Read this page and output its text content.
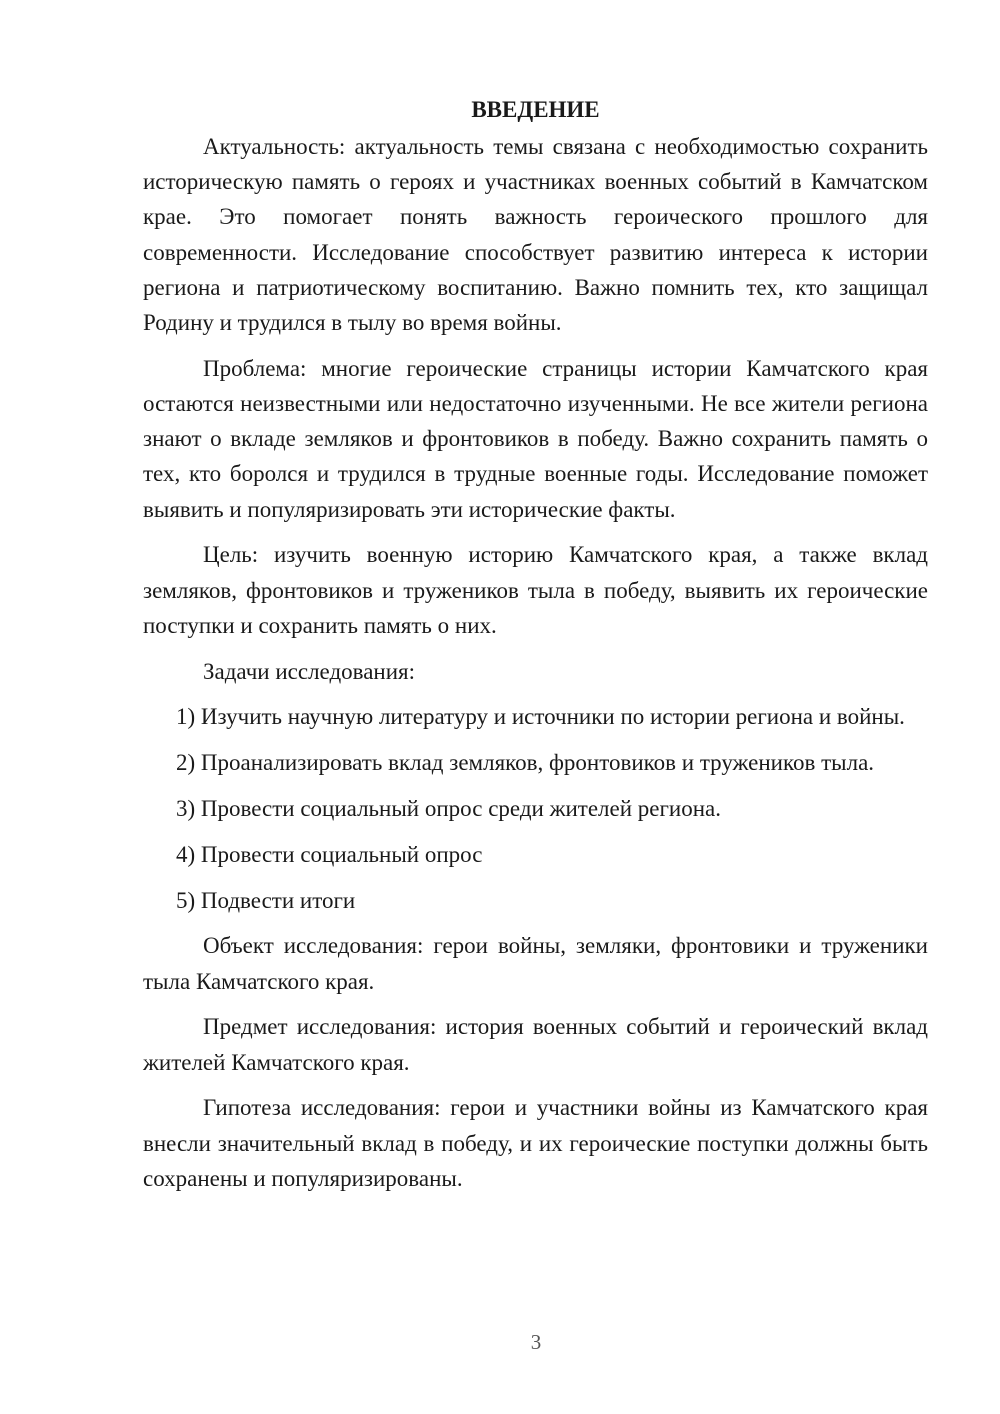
ВВЕДЕНИЕ

Актуальность: актуальность темы связана с необходимостью сохранить историческую память о героях и участниках военных событий в Камчатском крае. Это помогает понять важность героического прошлого для современности. Исследование способствует развитию интереса к истории региона и патриотическому воспитанию. Важно помнить тех, кто защищал Родину и трудился в тылу во время войны.

Проблема: многие героические страницы истории Камчатского края остаются неизвестными или недостаточно изученными. Не все жители региона знают о вкладе земляков и фронтовиков в победу. Важно сохранить память о тех, кто боролся и трудился в трудные военные годы. Исследование поможет выявить и популяризировать эти исторические факты.

Цель: изучить военную историю Камчатского края, а также вклад земляков, фронтовиков и тружеников тыла в победу, выявить их героические поступки и сохранить память о них.

Задачи исследования:

1) Изучить научную литературу и источники по истории региона и войны.

2) Проанализировать вклад земляков, фронтовиков и тружеников тыла.

3) Провести социальный опрос среди жителей региона.

4) Провести социальный опрос

5) Подвести итоги

Объект исследования: герои войны, земляки, фронтовики и труженики тыла Камчатского края.

Предмет исследования: история военных событий и героический вклад жителей Камчатского края.

Гипотеза исследования: герои и участники войны из Камчатского края внесли значительный вклад в победу, и их героические поступки должны быть сохранены и популяризированы.

3
